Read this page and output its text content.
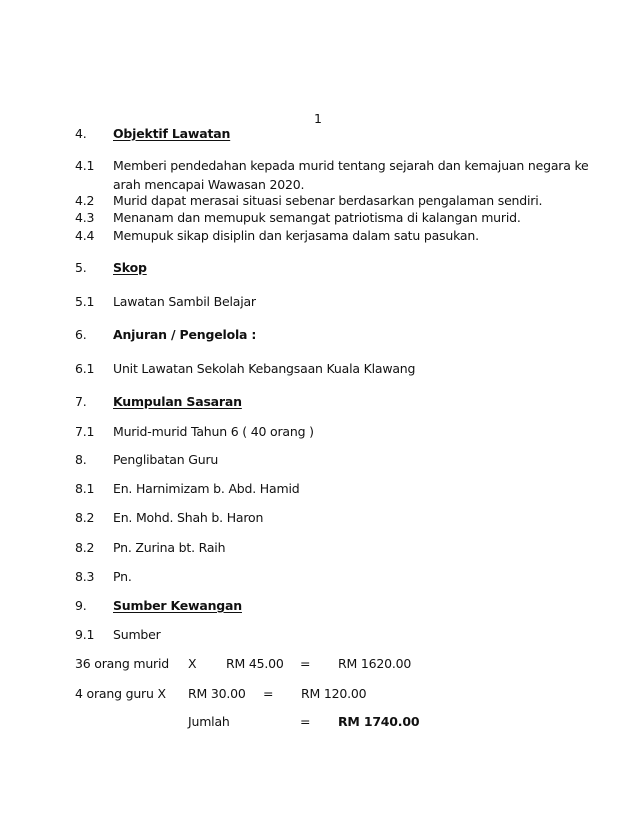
1
4. Objektif Lawatan
4.1 Memberi pendedahan kepada murid tentang sejarah dan kemajuan negara ke
arah mencapai Wawasan 2020.
4.2 Murid dapat merasai situasi sebenar berdasarkan pengalaman sendiri.
4.3 Menanam dan memupuk semangat patriotisma di kalangan murid.
4.4 Memupuk sikap disiplin dan kerjasama dalam satu pasukan.
5. Skop
5.1 Lawatan Sambil Belajar
6. Anjuran / Pengelola :
6.1 Unit Lawatan Sekolah Kebangsaan Kuala Klawang
7. Kumpulan Sasaran
7.1 Murid-murid Tahun 6 ( 40 orang )
8. Penglibatan Guru
8.1 En. Harnimizam b. Abd. Hamid
8.2 En. Mohd. Shah b. Haron
8.2 Pn. Zurina bt. Raih
8.3 Pn.
9. Sumber Kewangan
9.1 Sumber
36 orang murid X RM 45.00 = RM 1620.00
4 orang guru X RM 30.00 = RM 120.00
Jumlah	= RM 1740.00
